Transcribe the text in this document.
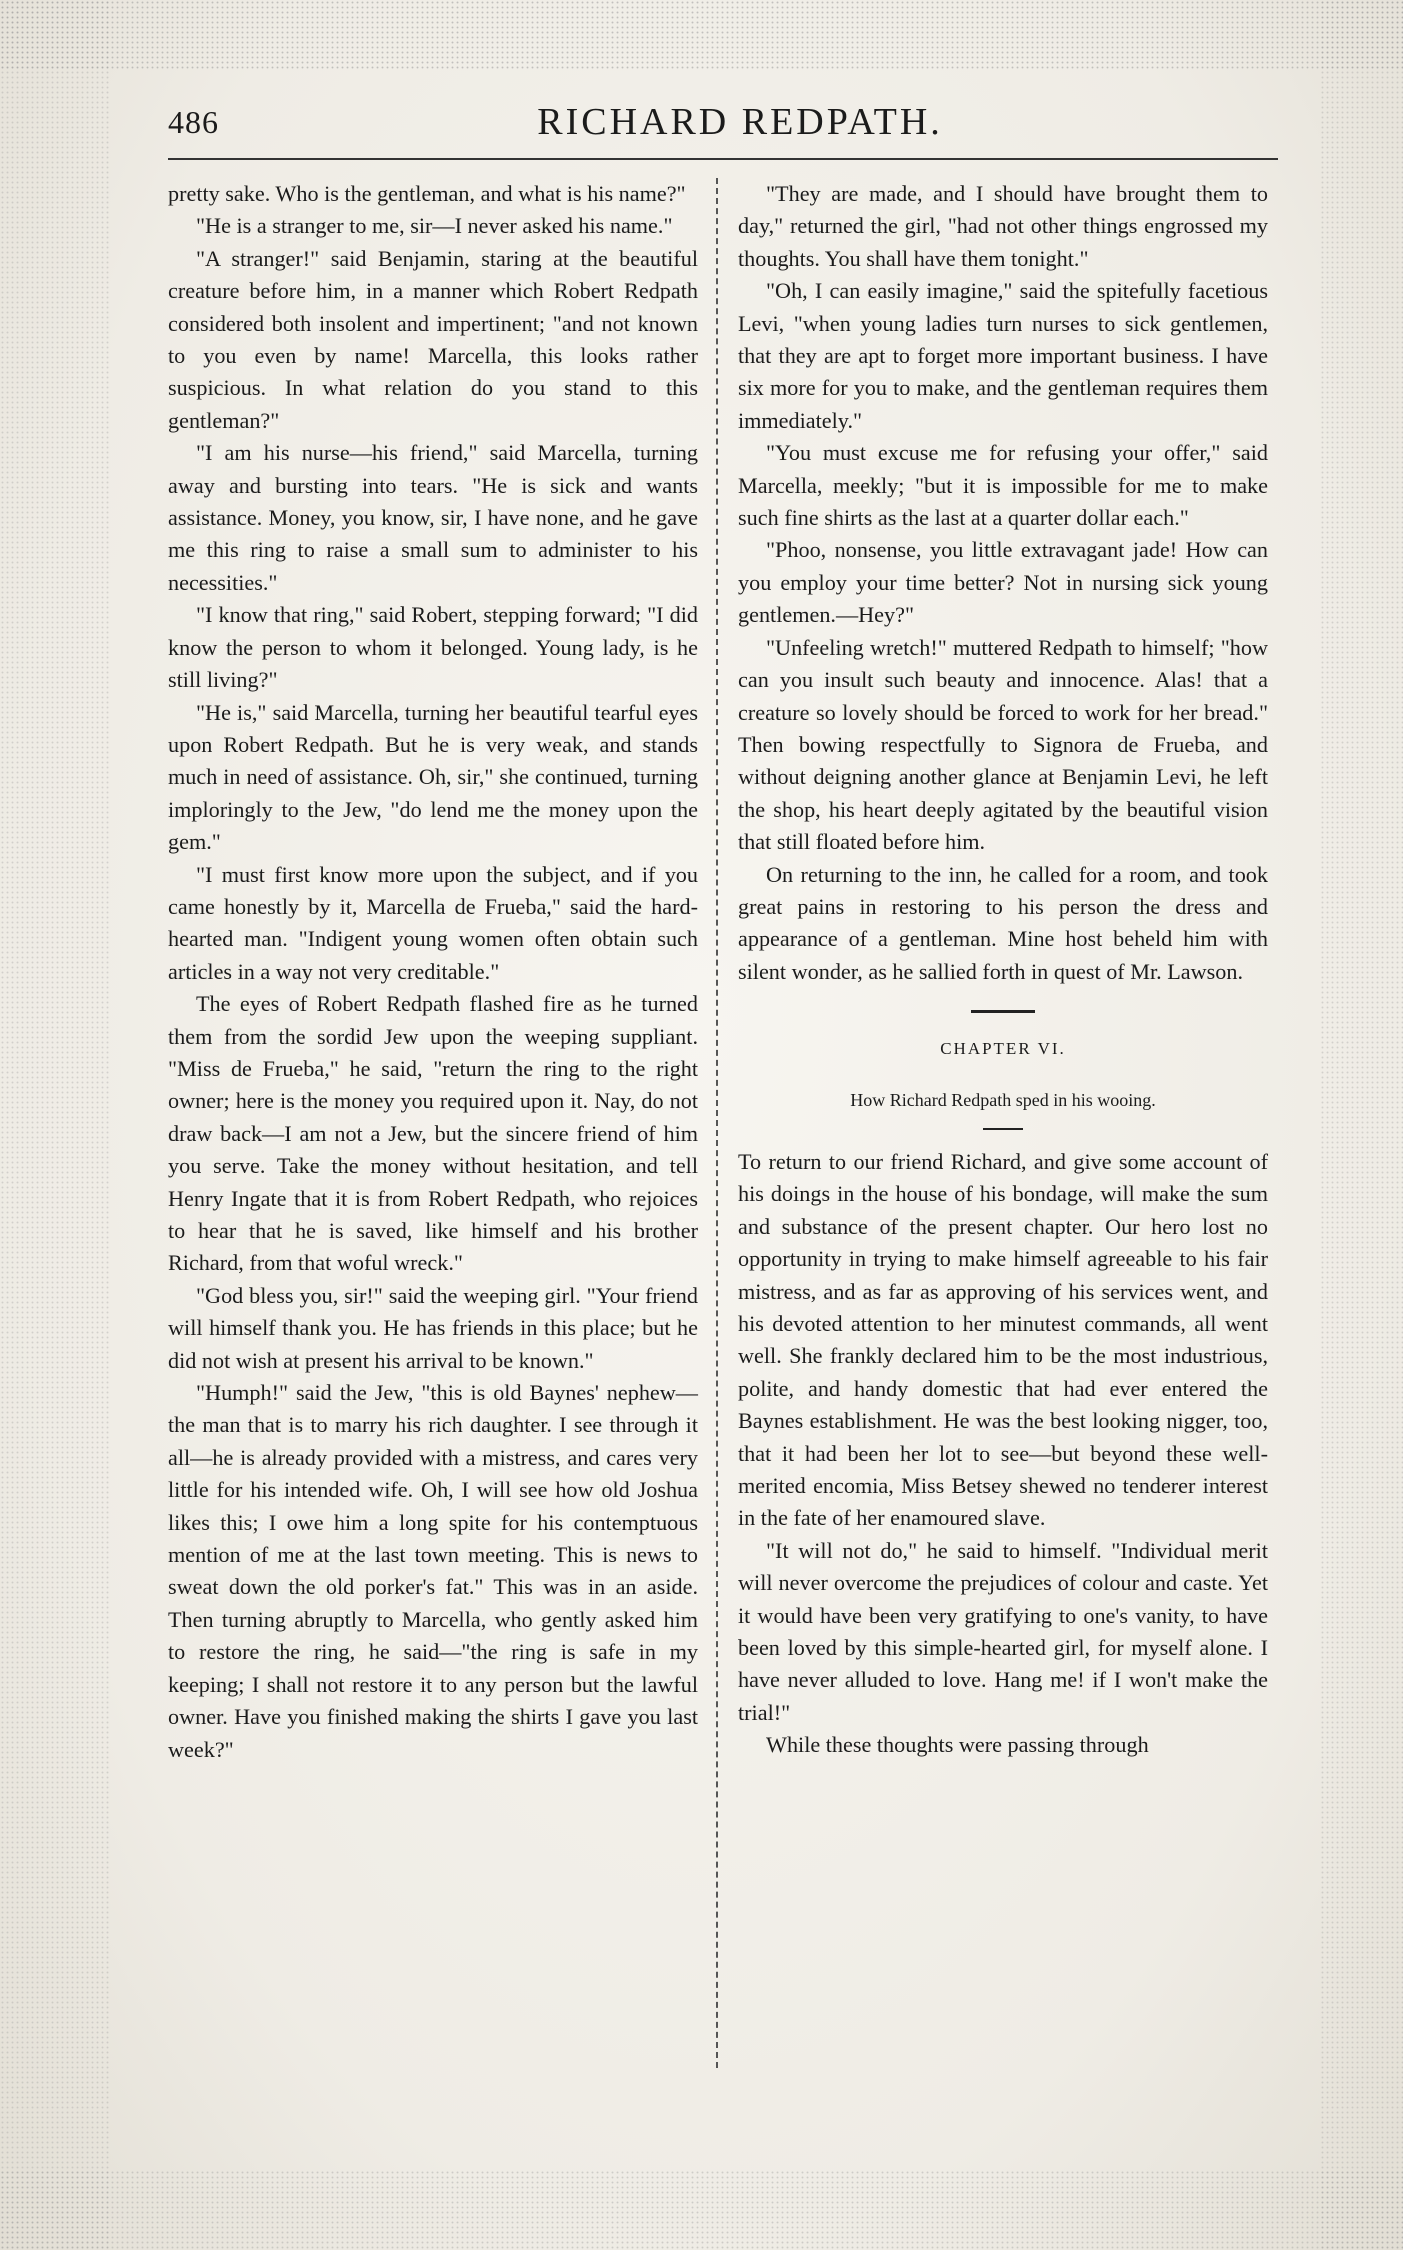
486	RICHARD REDPATH.

pretty sake. Who is the gentleman, and what is his name?"

"He is a stranger to me, sir—I never asked his name."

"A stranger!" said Benjamin, staring at the beautiful creature before him, in a manner which Robert Redpath considered both insolent and impertinent; "and not known to you even by name! Marcella, this looks rather suspicious. In what relation do you stand to this gentleman?"

"I am his nurse—his friend," said Marcella, turning away and bursting into tears. "He is sick and wants assistance. Money, you know, sir, I have none, and he gave me this ring to raise a small sum to administer to his necessities."

"I know that ring," said Robert, stepping forward; "I did know the person to whom it belonged. Young lady, is he still living?"

"He is," said Marcella, turning her beautiful tearful eyes upon Robert Redpath. But he is very weak, and stands much in need of assistance. Oh, sir," she continued, turning imploringly to the Jew, "do lend me the money upon the gem."

"I must first know more upon the subject, and if you came honestly by it, Marcella de Frueba," said the hard-hearted man. "Indigent young women often obtain such articles in a way not very creditable."

The eyes of Robert Redpath flashed fire as he turned them from the sordid Jew upon the weeping suppliant. "Miss de Frueba," he said, "return the ring to the right owner; here is the money you required upon it. Nay, do not draw back—I am not a Jew, but the sincere friend of him you serve. Take the money without hesitation, and tell Henry Ingate that it is from Robert Redpath, who rejoices to hear that he is saved, like himself and his brother Richard, from that woful wreck."

"God bless you, sir!" said the weeping girl. "Your friend will himself thank you. He has friends in this place; but he did not wish at present his arrival to be known."

"Humph!" said the Jew, "this is old Baynes' nephew—the man that is to marry his rich daughter. I see through it all—he is already provided with a mistress, and cares very little for his intended wife. Oh, I will see how old Joshua likes this; I owe him a long spite for his contemptuous mention of me at the last town meeting. This is news to sweat down the old porker's fat." This was in an aside. Then turning abruptly to Marcella, who gently asked him to restore the ring, he said—"the ring is safe in my keeping; I shall not restore it to any person but the lawful owner. Have you finished making the shirts I gave you last week?"

"They are made, and I should have brought them to day," returned the girl, "had not other things engrossed my thoughts. You shall have them tonight."

"Oh, I can easily imagine," said the spitefully facetious Levi, "when young ladies turn nurses to sick gentlemen, that they are apt to forget more important business. I have six more for you to make, and the gentleman requires them immediately."

"You must excuse me for refusing your offer," said Marcella, meekly; "but it is impossible for me to make such fine shirts as the last at a quarter dollar each."

"Phoo, nonsense, you little extravagant jade! How can you employ your time better? Not in nursing sick young gentlemen.—Hey?"

"Unfeeling wretch!" muttered Redpath to himself; "how can you insult such beauty and innocence. Alas! that a creature so lovely should be forced to work for her bread." Then bowing respectfully to Signora de Frueba, and without deigning another glance at Benjamin Levi, he left the shop, his heart deeply agitated by the beautiful vision that still floated before him.

On returning to the inn, he called for a room, and took great pains in restoring to his person the dress and appearance of a gentleman. Mine host beheld him with silent wonder, as he sallied forth in quest of Mr. Lawson.

CHAPTER VI.

How Richard Redpath sped in his wooing.

To return to our friend Richard, and give some account of his doings in the house of his bondage, will make the sum and substance of the present chapter. Our hero lost no opportunity in trying to make himself agreeable to his fair mistress, and as far as approving of his services went, and his devoted attention to her minutest commands, all went well. She frankly declared him to be the most industrious, polite, and handy domestic that had ever entered the Baynes establishment. He was the best looking nigger, too, that it had been her lot to see—but beyond these well-merited encomia, Miss Betsey shewed no tenderer interest in the fate of her enamoured slave.

"It will not do," he said to himself. "Individual merit will never overcome the prejudices of colour and caste. Yet it would have been very gratifying to one's vanity, to have been loved by this simple-hearted girl, for myself alone. I have never alluded to love. Hang me! if I won't make the trial!"

While these thoughts were passing through
